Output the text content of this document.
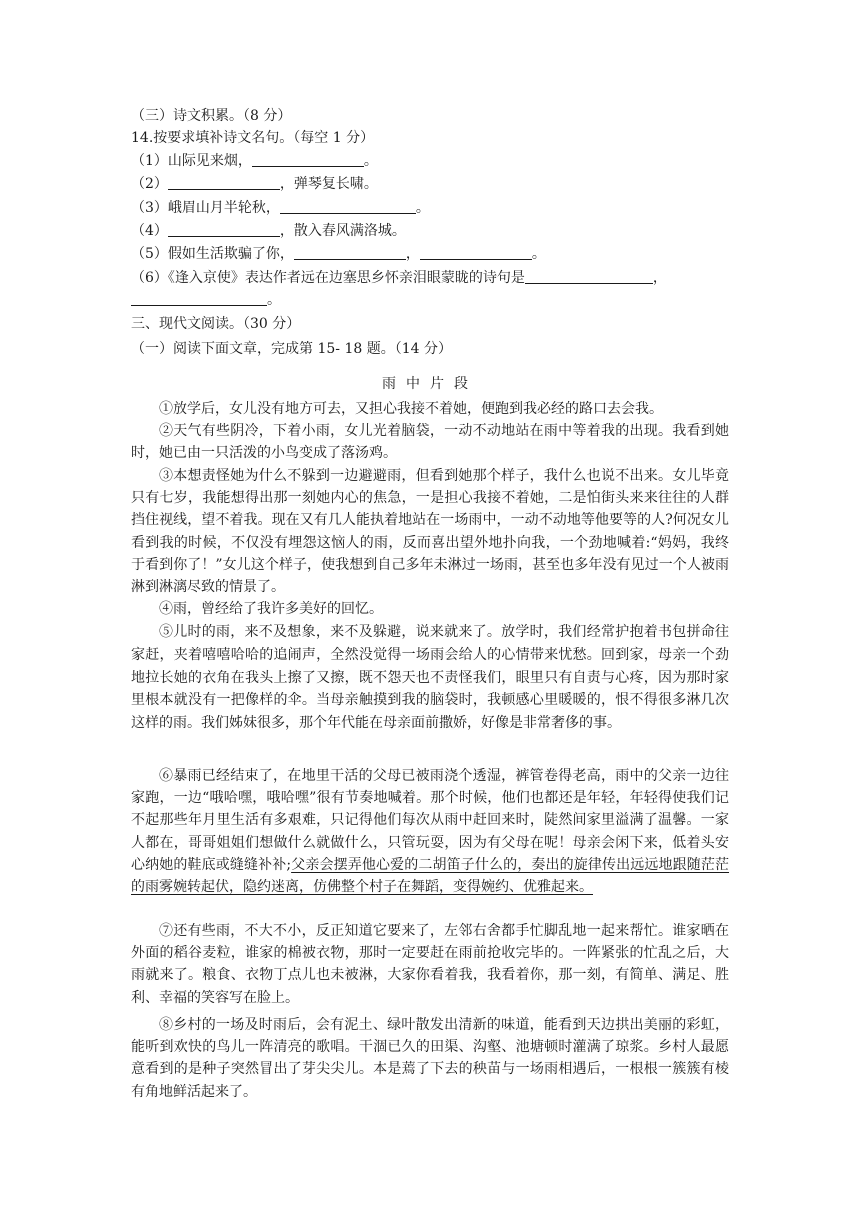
（三）诗文积累。（8 分）
14.按要求填补诗文名句。（每空 1 分）
（1）山际见来烟，	。
（2）	，弹琴复长啸。
（3）峨眉山月半轮秋，	。
（4）	，散入春风满洛城。
（5）假如生活欺骗了你，	，	。
（6）《逢入京使》表达作者远在边塞思乡怀亲泪眼蒙眬的诗句是	，
。
三、现代文阅读。（30 分）
（一）阅读下面文章，完成第 15- 18 题。（14 分）
雨中片段

①放学后，女儿没有地方可去，又担心我接不着她，便跑到我必经的路口去会我。

②天气有些阴冷，下着小雨，女儿光着脑袋，一动不动地站在雨中等着我的出现。我看到她时，她已由一只活泼的小鸟变成了落汤鸡。

③本想责怪她为什么不躲到一边避避雨，但看到她那个样子，我什么也说不出来。女儿毕竟只有七岁，我能想得出那一刻她内心的焦急，一是担心我接不着她，二是怕街头来来往往的人群挡住视线，望不着我。现在又有几人能执着地站在一场雨中，一动不动地等他要等的人?何况女儿看到我的时候，不仅没有埋怨这恼人的雨，反而喜出望外地扑向我，一个劲地喊着:“妈妈，我终于看到你了！”女儿这个样子，使我想到自己多年未淋过一场雨，甚至也多年没有见过一个人被雨淋到淋漓尽致的情景了。

④雨，曾经给了我许多美好的回忆。

⑤儿时的雨，来不及想象，来不及躲避，说来就来了。放学时，我们经常护抱着书包拼命往家赶，夹着嘻嘻哈哈的追闹声，全然没觉得一场雨会给人的心情带来忧愁。回到家，母亲一个劲地拉长她的衣角在我头上擦了又擦，既不怨天也不责怪我们，眼里只有自责与心疼，因为那时家里根本就没有一把像样的伞。当母亲触摸到我的脑袋时，我顿感心里暖暖的，恨不得很多淋几次这样的雨。我们姊妹很多，那个年代能在母亲面前撒娇，好像是非常奢侈的事。

⑥暴雨已经结束了，在地里干活的父母已被雨浇个透湿，裤管卷得老高，雨中的父亲一边往家跑，一边“哦哈嘿，哦哈嘿”很有节奏地喊着。那个时候，他们也都还是年轻，年轻得使我们记不起那些年月里生活有多艰难，只记得他们每次从雨中赶回来时，陡然间家里溢满了温馨。一家人都在，哥哥姐姐们想做什么就做什么，只管玩耍，因为有父母在呢！母亲会闲下来，低着头安心纳她的鞋底或缝缝补补;父亲会摆弄他心爱的二胡笛子什么的，奏出的旋律传出远远地跟随茫茫的雨雾婉转起伏，隐约迷离，仿佛整个村子在舞蹈，变得婉约、优雅起来。

⑦还有些雨，不大不小，反正知道它要来了，左邻右舍都手忙脚乱地一起来帮忙。谁家晒在外面的稻谷麦粒，谁家的棉被衣物，那时一定要赶在雨前抢收完毕的。一阵紧张的忙乱之后，大雨就来了。粮食、衣物丁点儿也未被淋，大家你看着我，我看着你，那一刻，有简单、满足、胜利、幸福的笑容写在脸上。

⑧乡村的一场及时雨后，会有泥土、绿叶散发出清新的味道，能看到天边拱出美丽的彩虹，能听到欢快的鸟儿一阵清亮的歌唱。干涸已久的田渠、沟壑、池塘顿时灌满了琼浆。乡村人最愿意看到的是种子突然冒出了芽尖尖儿。本是蔫了下去的秧苗与一场雨相遇后，一根根一簇簇有棱有角地鲜活起来了。
